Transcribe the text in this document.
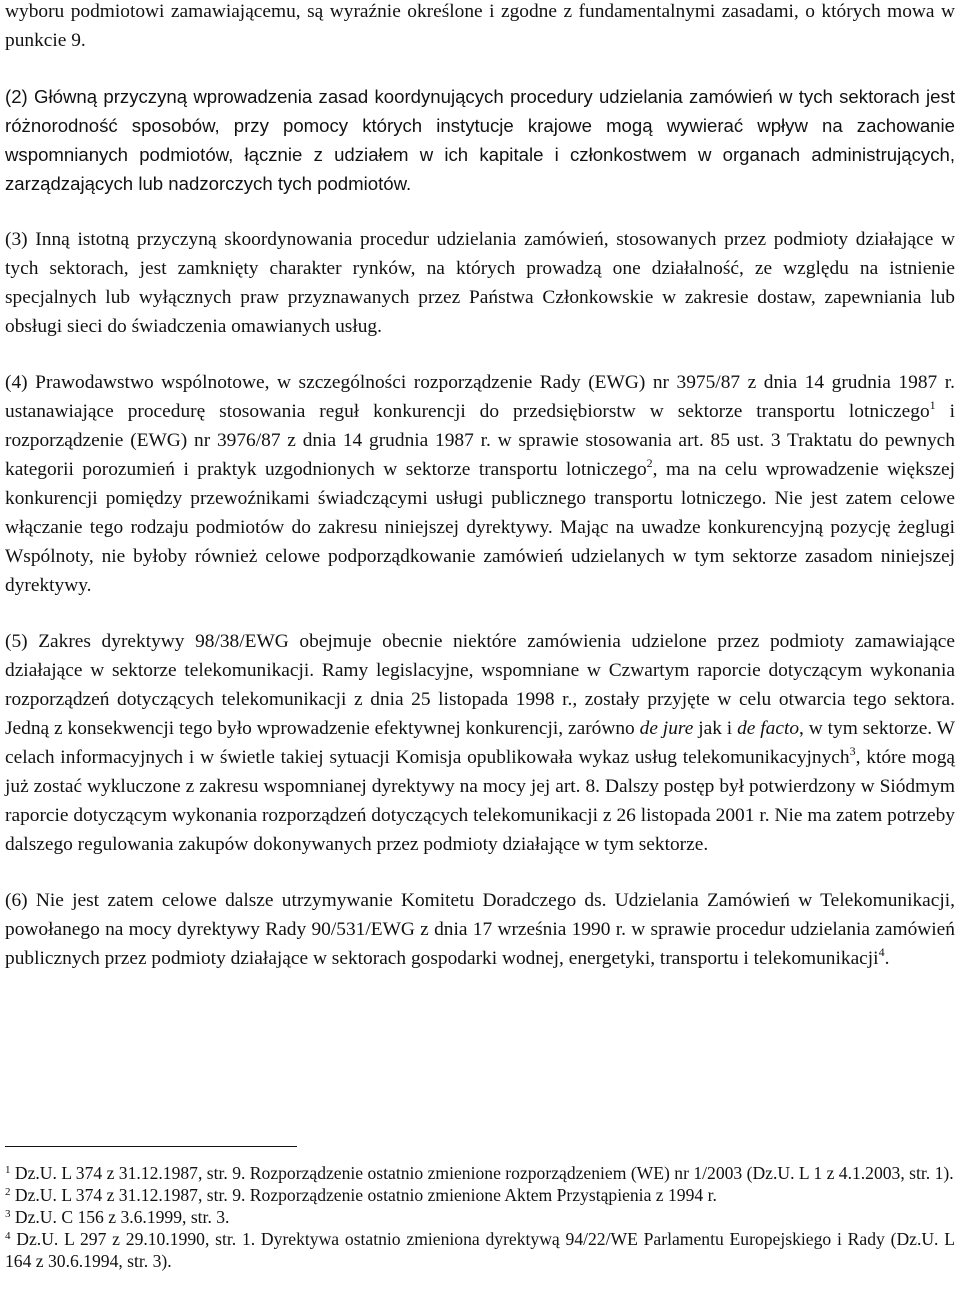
wyboru podmiotowi zamawiającemu, są wyraźnie określone i zgodne z fundamentalnymi zasadami, o których mowa w punkcie 9.

(2) Główną przyczyną wprowadzenia zasad koordynujących procedury udzielania zamówień w tych sektorach jest różnorodność sposobów, przy pomocy których instytucje krajowe mogą wywierać wpływ na zachowanie wspomnianych podmiotów, łącznie z udziałem w ich kapitale i członkostwem w organach administrujących, zarządzających lub nadzorczych tych podmiotów.

(3) Inną istotną przyczyną skoordynowania procedur udzielania zamówień, stosowanych przez podmioty działające w tych sektorach, jest zamknięty charakter rynków, na których prowadzą one działalność, ze względu na istnienie specjalnych lub wyłącznych praw przyznawanych przez Państwa Członkowskie w zakresie dostaw, zapewniania lub obsługi sieci do świadczenia omawianych usług.

(4) Prawodawstwo wspólnotowe, w szczególności rozporządzenie Rady (EWG) nr 3975/87 z dnia 14 grudnia 1987 r. ustanawiające procedurę stosowania reguł konkurencji do przedsiębiorstw w sektorze transportu lotniczego$^1$ i rozporządzenie (EWG) nr 3976/87 z dnia 14 grudnia 1987 r. w sprawie stosowania art. 85 ust. 3 Traktatu do pewnych kategorii porozumień i praktyk uzgodnionych w sektorze transportu lotniczego$^2$, ma na celu wprowadzenie większej konkurencji pomiędzy przewoźnikami świadczącymi usługi publicznego transportu lotniczego. Nie jest zatem celowe włączanie tego rodzaju podmiotów do zakresu niniejszej dyrektywy. Mając na uwadze konkurencyjną pozycję żeglugi Wspólnoty, nie byłoby również celowe podporządkowanie zamówień udzielanych w tym sektorze zasadom niniejszej dyrektywy.

(5) Zakres dyrektywy 98/38/EWG obejmuje obecnie niektóre zamówienia udzielone przez podmioty zamawiające działające w sektorze telekomunikacji. Ramy legislacyjne, wspomniane w Czwartym raporcie dotyczącym wykonania rozporządzeń dotyczących telekomunikacji z dnia 25 listopada 1998 r., zostały przyjęte w celu otwarcia tego sektora. Jedną z konsekwencji tego było wprowadzenie efektywnej konkurencji, zarówno de jure jak i de facto, w tym sektorze. W celach informacyjnych i w świetle takiej sytuacji Komisja opublikowała wykaz usług telekomunikacyjnych$^3$, które mogą już zostać wykluczone z zakresu wspomnianej dyrektywy na mocy jej art. 8. Dalszy postęp był potwierdzony w Siódmym raporcie dotyczącym wykonania rozporządzeń dotyczących telekomunikacji z 26 listopada 2001 r. Nie ma zatem potrzeby dalszego regulowania zakupów dokonywanych przez podmioty działające w tym sektorze.

(6) Nie jest zatem celowe dalsze utrzymywanie Komitetu Doradczego ds. Udzielania Zamówień w Telekomunikacji, powołanego na mocy dyrektywy Rady 90/531/EWG z dnia 17 września 1990 r. w sprawie procedur udzielania zamówień publicznych przez podmioty działające w sektorach gospodarki wodnej, energetyki, transportu i telekomunikacji$^4$.

$^1$ Dz.U. L 374 z 31.12.1987, str. 9. Rozporządzenie ostatnio zmienione rozporządzeniem (WE) nr 1/2003 (Dz.U. L 1 z 4.1.2003, str. 1).

$^2$ Dz.U. L 374 z 31.12.1987, str. 9. Rozporządzenie ostatnio zmienione Aktem Przystąpienia z 1994 r.

$^3$ Dz.U. C 156 z 3.6.1999, str. 3.

$^4$ Dz.U. L 297 z 29.10.1990, str. 1. Dyrektywa ostatnio zmieniona dyrektywą 94/22/WE Parlamentu Europejskiego i Rady (Dz.U. L 164 z 30.6.1994, str. 3).
